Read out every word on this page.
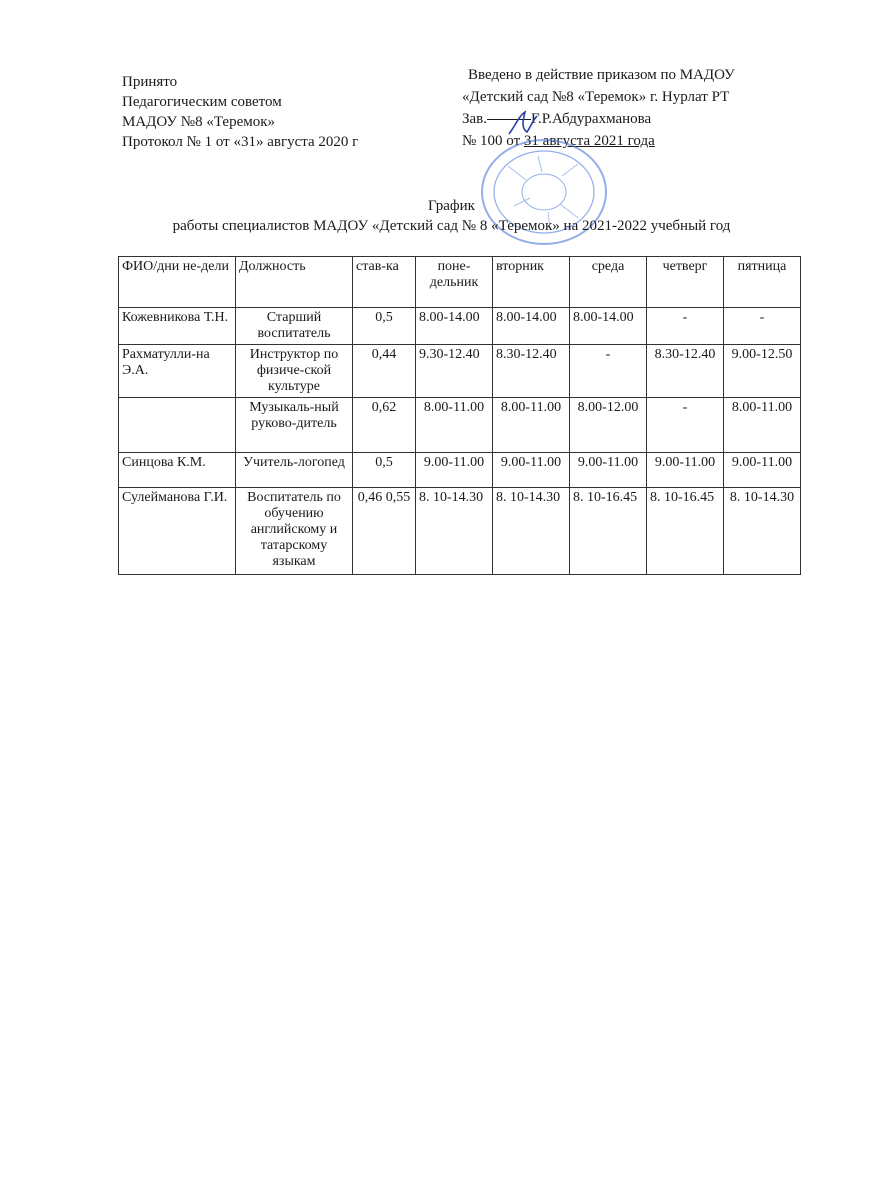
Принято
Педагогическим советом
МАДОУ №8 «Теремок»
Протокол № 1 от «31» августа 2020 г
Введено в действие приказом по МАДОУ
«Детский сад №8 «Теремок» г. Нурлат РТ
Зав.	Г.Р.Абдурахманова
№ 100 от 31 августа 2021 года
График
работы специалистов МАДОУ «Детский сад № 8 «Теремок» на 2021-2022 учебный год
ФИО/дни не-дели	Должность	став-ка	поне-дельник	вторник	среда	четверг	пятница
Кожевникова Т.Н.	Старший воспитатель	0,5	8.00-14.00	8.00-14.00	8.00-14.00	-	-
Рахматулли-на Э.А.	Инструктор по физиче-ской культуре	0,44	9.30-12.40	8.30-12.40	-	8.30-12.40	9.00-12.50
	Музыкаль-ный руково-дитель	0,62	8.00-11.00	8.00-11.00	8.00-12.00	-	8.00-11.00
Синцова К.М.	Учитель-логопед	0,5	9.00-11.00	9.00-11.00	9.00-11.00	9.00-11.00	9.00-11.00
Сулейманова Г.И.	Воспитатель по обучению английскому и татарскому языкам	0,46 0,55	8. 10-14.30	8. 10-14.30	8. 10-16.45	8. 10-16.45	8. 10-14.30
